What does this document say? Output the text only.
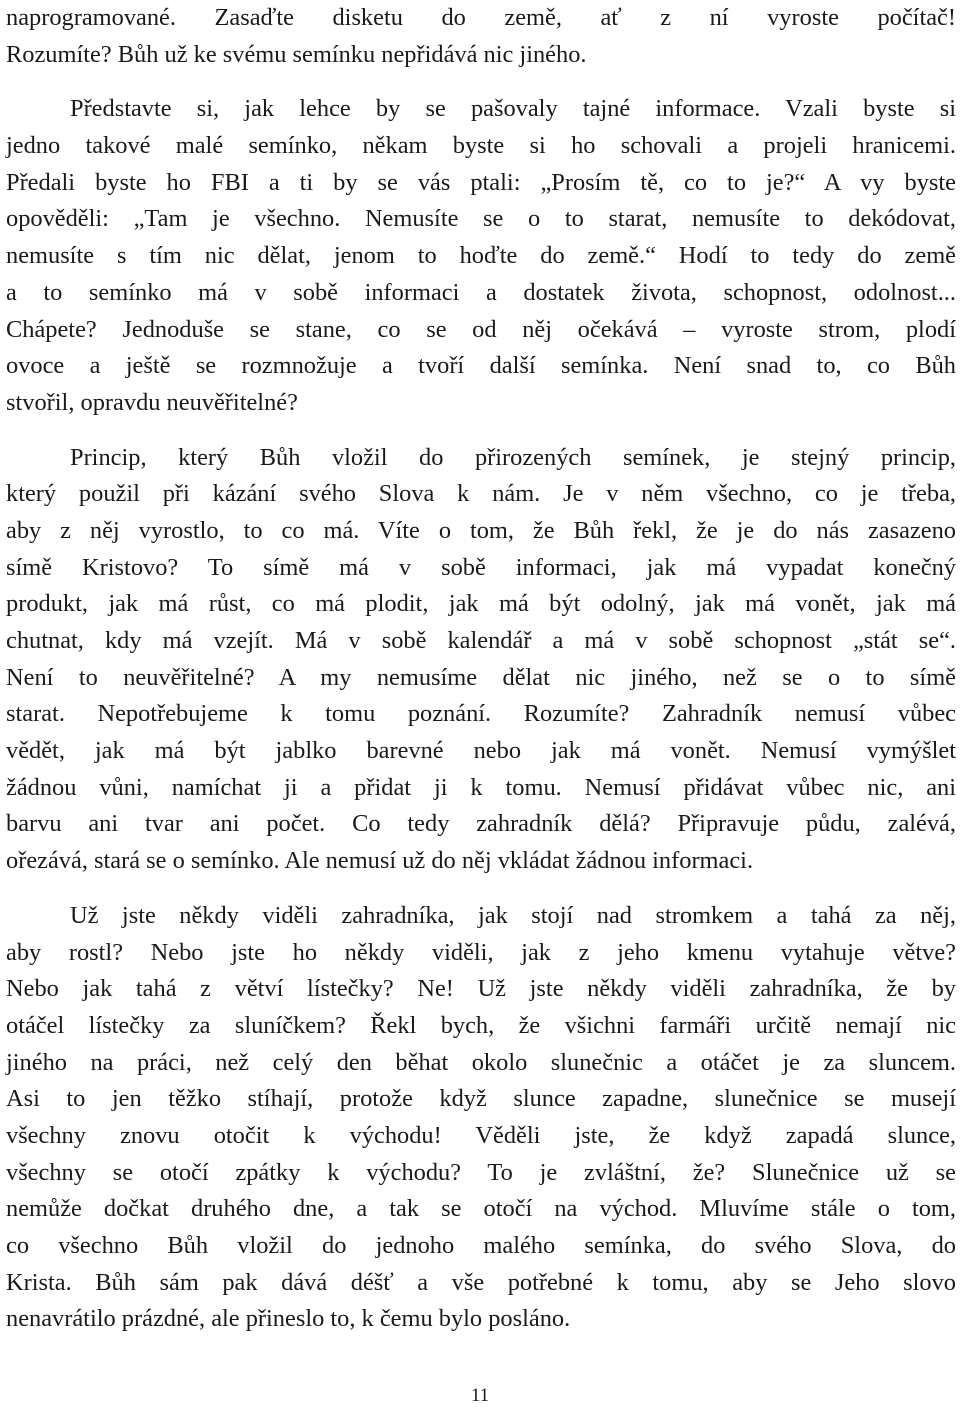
naprogramované. Zasaďte disketu do země, ať z ní vyroste počítač!
Rozumíte? Bůh už ke svému semínku nepřidává nic jiného.
Představte si, jak lehce by se pašovaly tajné informace. Vzali byste si
jedno takové malé semínko, někam byste si ho schovali a projeli hranicemi.
Předali byste ho FBI a ti by se vás ptali: „Prosím tě, co to je?“ A vy byste
opověděli: „Tam je všechno. Nemusíte se o to starat, nemusíte to dekódovat,
nemusíte s tím nic dělat, jenom to hoďte do země.“ Hodí to tedy do země
a to semínko má v sobě informaci a dostatek života, schopnost, odolnost...
Chápete? Jednoduše se stane, co se od něj očekává – vyroste strom, plodí
ovoce a ještě se rozmnožuje a tvoří další semínka. Není snad to, co Bůh
stvořil, opravdu neuvěřitelné?
Princip, který Bůh vložil do přirozených semínek, je stejný princip,
který použil při kázání svého Slova k nám. Je v něm všechno, co je třeba,
aby z něj vyrostlo, to co má. Víte o tom, že Bůh řekl, že je do nás zasazeno
símě Kristovo? To símě má v sobě informaci, jak má vypadat konečný
produkt, jak má růst, co má plodit, jak má být odolný, jak má vonět, jak má
chutnat, kdy má vzejít. Má v sobě kalendář a má v sobě schopnost „stát se“.
Není to neuvěřitelné? A my nemusíme dělat nic jiného, než se o to símě
starat. Nepotřebujeme k tomu poznání. Rozumíte? Zahradník nemusí vůbec
vědět, jak má být jablko barevné nebo jak má vonět. Nemusí vymýšlet
žádnou vůni, namíchat ji a přidat ji k tomu. Nemusí přidávat vůbec nic, ani
barvu ani tvar ani počet. Co tedy zahradník dělá? Připravuje půdu, zalévá,
ořezává, stará se o semínko. Ale nemusí už do něj vkládat žádnou informaci.
Už jste někdy viděli zahradníka, jak stojí nad stromkem a tahá za něj,
aby rostl? Nebo jste ho někdy viděli, jak z jeho kmenu vytahuje větve?
Nebo jak tahá z větví lístečky? Ne! Už jste někdy viděli zahradníka, že by
otáčel lístečky za sluníčkem? Řekl bych, že všichni farmáři určitě nemají nic
jiného na práci, než celý den běhat okolo slunečnic a otáčet je za sluncem.
Asi to jen těžko stíhají, protože když slunce zapadne, slunečnice se musejí
všechny znovu otočit k východu! Věděli jste, že když zapadá slunce,
všechny se otočí zpátky k východu? To je zvláštní, že? Slunečnice už se
nemůže dočkat druhého dne, a tak se otočí na východ. Mluvíme stále o tom,
co všechno Bůh vložil do jednoho malého semínka, do svého Slova, do
Krista. Bůh sám pak dává déšť a vše potřebné k tomu, aby se Jeho slovo
nenavrátilo prázdné, ale přineslo to, k čemu bylo posláno.
11
